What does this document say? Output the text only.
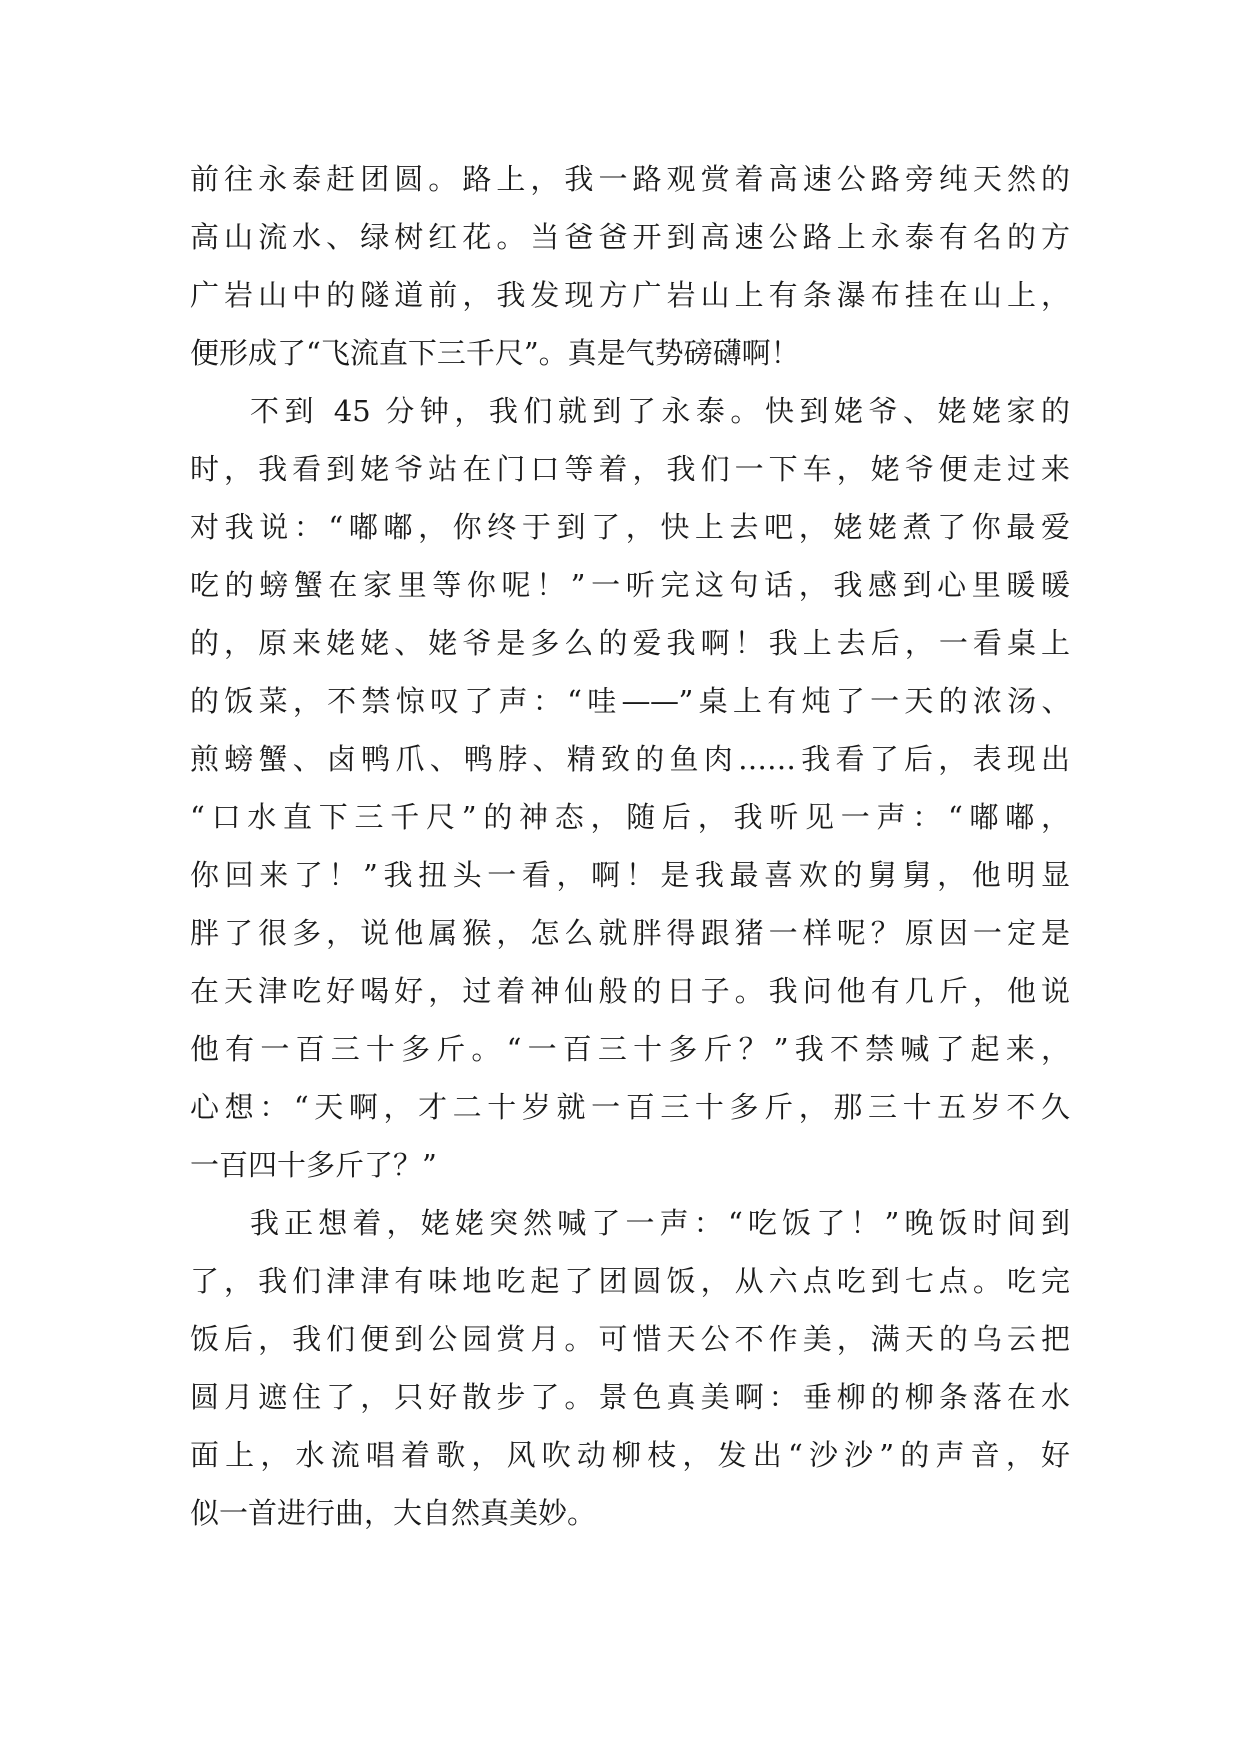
前往永泰赶团圆。路上，我一路观赏着高速公路旁纯天然的
高山流水、绿树红花。当爸爸开到高速公路上永泰有名的方
广岩山中的隧道前，我发现方广岩山上有条瀑布挂在山上，
便形成了“飞流直下三千尺”。真是气势磅礴啊！
不到 45 分钟，我们就到了永泰。快到姥爷、姥姥家的
时，我看到姥爷站在门口等着，我们一下车，姥爷便走过来
对我说：“嘟嘟，你终于到了，快上去吧，姥姥煮了你最爱
吃的螃蟹在家里等你呢！”一听完这句话，我感到心里暖暖
的，原来姥姥、姥爷是多么的爱我啊！我上去后，一看桌上
的饭菜，不禁惊叹了声：“哇——”桌上有炖了一天的浓汤、
煎螃蟹、卤鸭爪、鸭脖、精致的鱼肉……我看了后，表现出
“口水直下三千尺”的神态，随后，我听见一声：“嘟嘟，
你回来了！”我扭头一看，啊！是我最喜欢的舅舅，他明显
胖了很多，说他属猴，怎么就胖得跟猪一样呢？原因一定是
在天津吃好喝好，过着神仙般的日子。我问他有几斤，他说
他有一百三十多斤。“一百三十多斤？”我不禁喊了起来，
心想：“天啊，才二十岁就一百三十多斤，那三十五岁不久
一百四十多斤了？”
我正想着，姥姥突然喊了一声：“吃饭了！”晚饭时间到
了，我们津津有味地吃起了团圆饭，从六点吃到七点。吃完
饭后，我们便到公园赏月。可惜天公不作美，满天的乌云把
圆月遮住了，只好散步了。景色真美啊：垂柳的柳条落在水
面上，水流唱着歌，风吹动柳枝，发出“沙沙”的声音，好
似一首进行曲，大自然真美妙。
